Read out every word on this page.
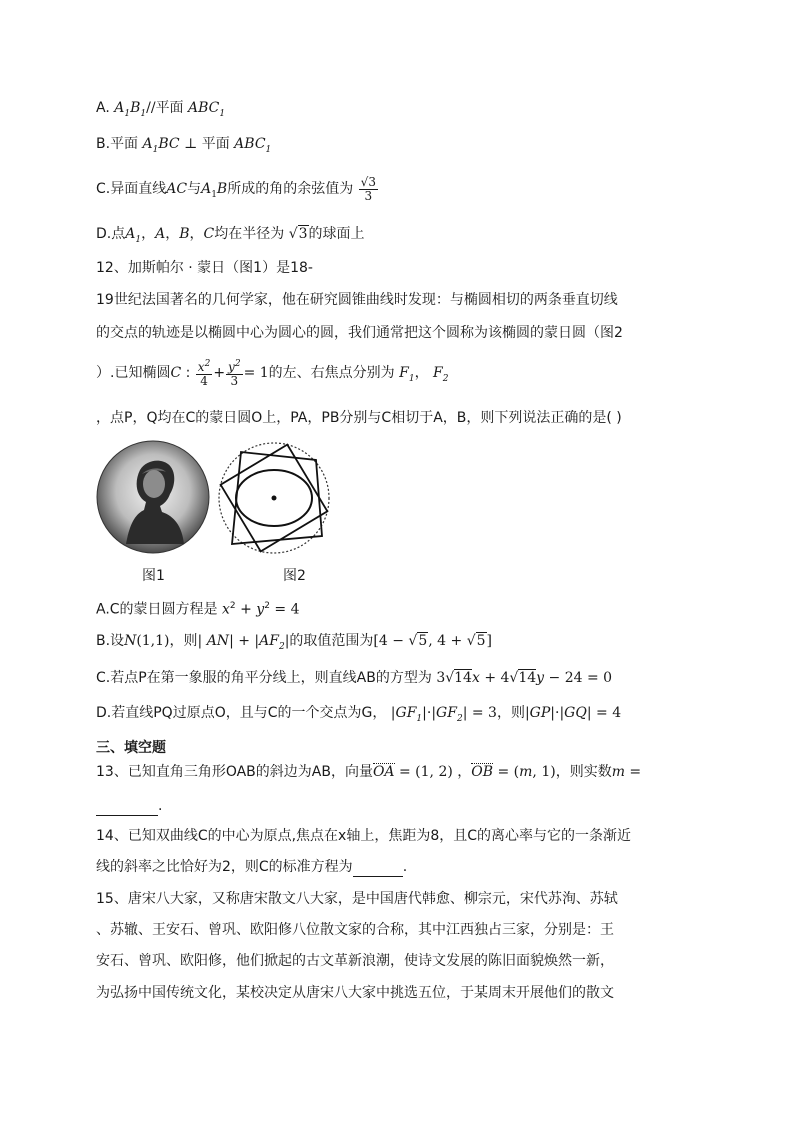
A. $A_1B_1//$平面 $ABC_1$
B.平面 $A_1BC$ ⊥ 平面 $ABC_1$
C.异面直线AC与$A_1B$所成的角的余弦值为 $\frac{√3}{3}$
D.点$A_1$，A，B，C均在半径为 √3的球面上
12、加斯帕尔 · 蒙日（图1）是18-
19世纪法国著名的几何学家，他在研究圆锥曲线时发现：与椭圆相切的两条垂直切线
的交点的轨迹是以椭圆中心为圆心的圆，我们通常把这个圆称为该椭圆的蒙日圆（图2
）.已知椭圆C : $\frac{x^2}{4} + \frac{y^2}{3} = 1$的左、右焦点分别为 $F_1$， $F_2$
，点P，Q均在C的蒙日圆O上，PA，PB分别与C相切于A，B，则下列说法正确的是( )
图1	图2
A.C的蒙日圆方程是 $x^2 + y^2 = 4$
B.设N(1,1)，则| $AN| + |AF_2|$的取值范围为[4 − √5, 4 + √5]
C.若点P在第一象服的角平分线上，则直线AB的方型为 3√14x + 4√14y − 24 = 0
D.若直线PQ过原点O，且与C的一个交点为G， $|GF_1|\cdot|GF_2| = 3$，则|GP|·|GQ| = 4
三、填空题
13、已知直角三角形OAB的斜边为AB，向量OA = (1, 2) ，OB = (m, 1)，则实数m =
.
14、已知双曲线C的中心为原点,焦点在x轴上，焦距为8，且C的离心率与它的一条渐近
线的斜率之比恰好为2，则C的标准方程为	.
15、唐宋八大家，又称唐宋散文八大家，是中国唐代韩愈、柳宗元，宋代苏洵、苏轼
、苏辙、王安石、曾巩、欧阳修八位散文家的合称，其中江西独占三家，分别是：王
安石、曾巩、欧阳修，他们掀起的古文革新浪潮，使诗文发展的陈旧面貌焕然一新，
为弘扬中国传统文化，某校决定从唐宋八大家中挑选五位，于某周末开展他们的散文
